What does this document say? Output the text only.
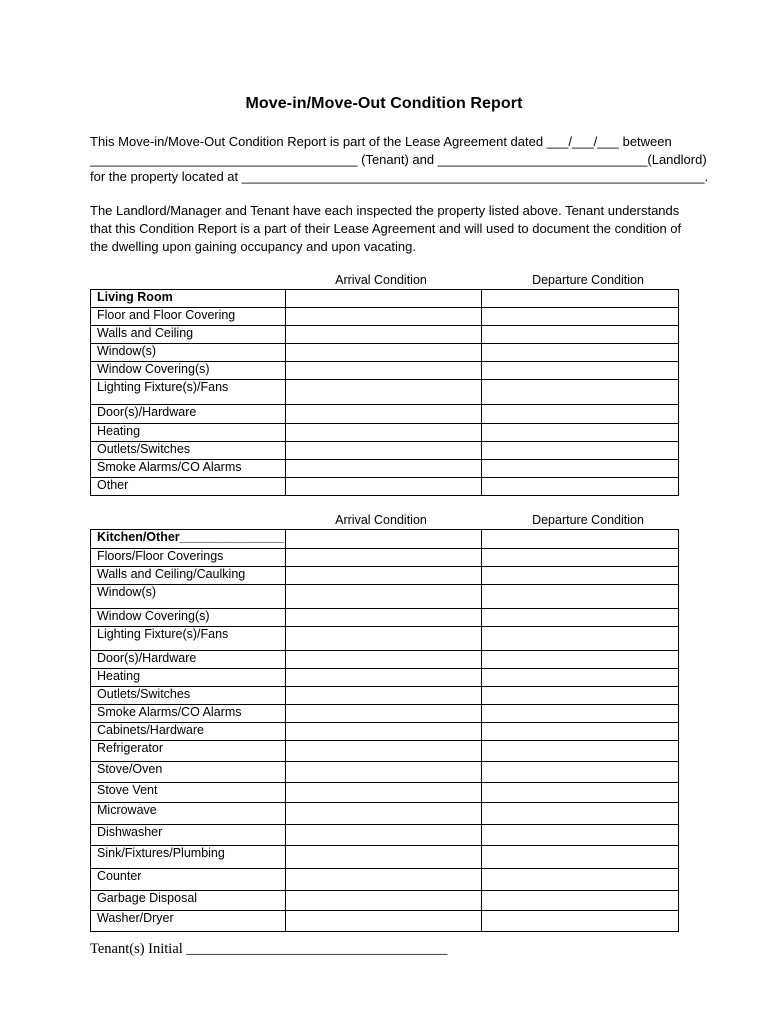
Move-in/Move-Out Condition Report
This Move-in/Move-Out Condition Report is part of the Lease Agreement dated ___/___/___ between
_____________________________________ (Tenant) and _____________________________(Landlord)
for the property located at ________________________________________________________________.
The Landlord/Manager and Tenant have each inspected the property listed above. Tenant understands that this Condition Report is a part of their Lease Agreement and will used to document the condition of the dwelling upon gaining occupancy and upon vacating.
Arrival Condition	Departure Condition
Living Room		
Floor and Floor Covering		
Walls and Ceiling		
Window(s)		
Window Covering(s)		
Lighting Fixture(s)/Fans		
Door(s)/Hardware		
Heating		
Outlets/Switches		
Smoke Alarms/CO Alarms		
Other		
Arrival Condition	Departure Condition
Kitchen/Other_______________		
Floors/Floor Coverings		
Walls and Ceiling/Caulking		
Window(s)		
Window Covering(s)		
Lighting Fixture(s)/Fans		
Door(s)/Hardware		
Heating		
Outlets/Switches		
Smoke Alarms/CO Alarms		
Cabinets/Hardware		
Refrigerator		
Stove/Oven		
Stove Vent		
Microwave		
Dishwasher		
Sink/Fixtures/Plumbing		
Counter		
Garbage Disposal		
Washer/Dryer		
Tenant(s) Initial ____________________________________
